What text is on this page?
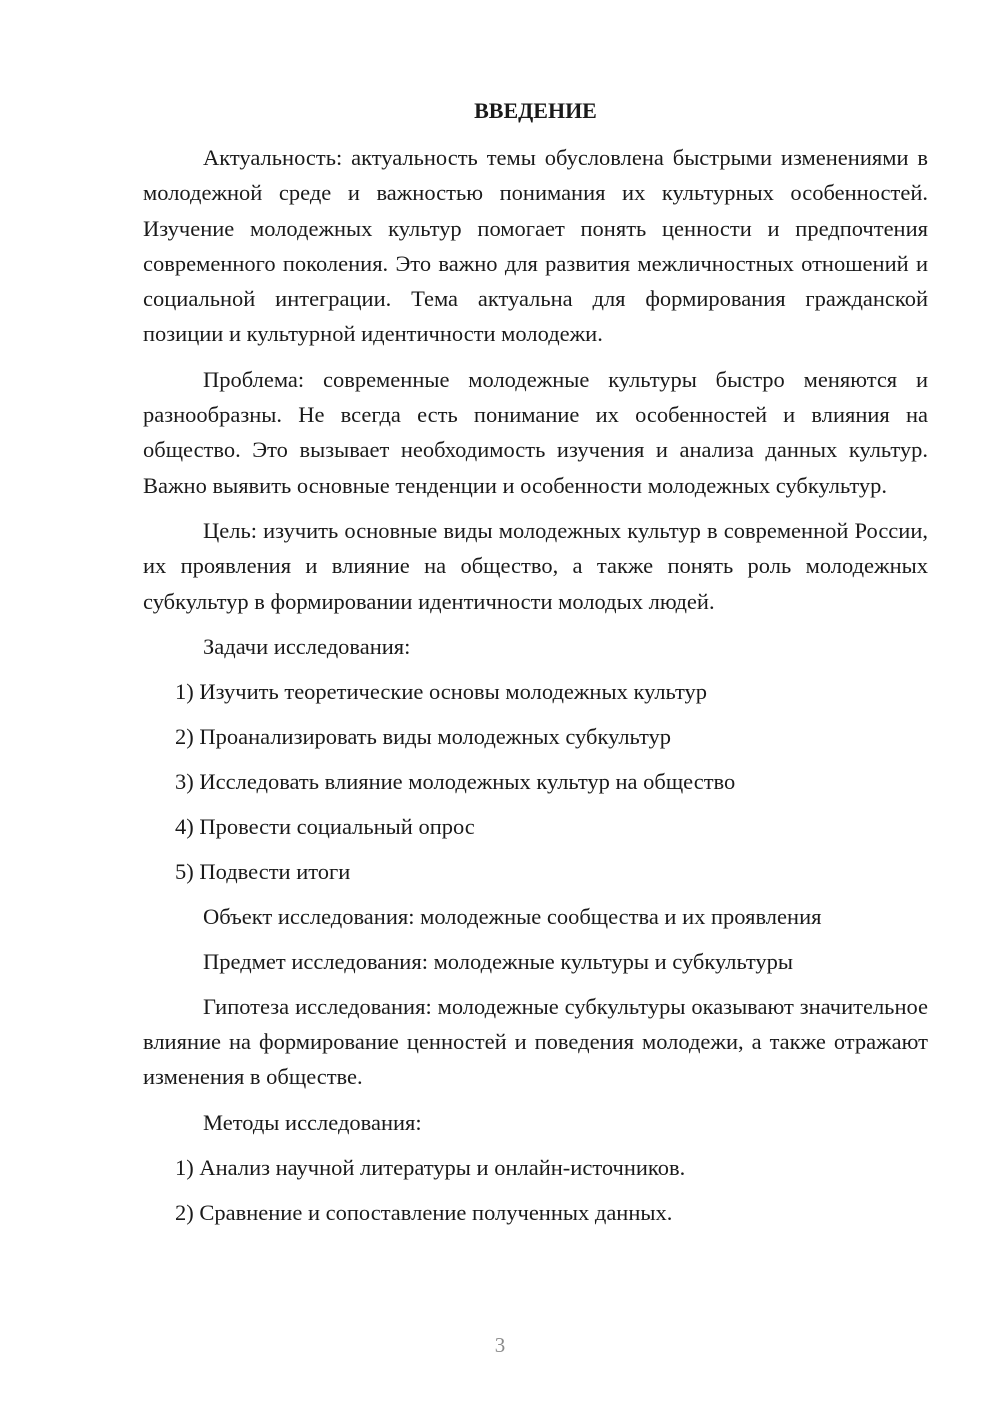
ВВЕДЕНИЕ

Актуальность: актуальность темы обусловлена быстрыми изменениями в молодежной среде и важностью понимания их культурных особенностей. Изучение молодежных культур помогает понять ценности и предпочтения современного поколения. Это важно для развития межличностных отношений и социальной интеграции. Тема актуальна для формирования гражданской позиции и культурной идентичности молодежи.

Проблема: современные молодежные культуры быстро меняются и разнообразны. Не всегда есть понимание их особенностей и влияния на общество. Это вызывает необходимость изучения и анализа данных культур. Важно выявить основные тенденции и особенности молодежных субкультур.

Цель: изучить основные виды молодежных культур в современной России, их проявления и влияние на общество, а также понять роль молодежных субкультур в формировании идентичности молодых людей.

Задачи исследования:
1) Изучить теоретические основы молодежных культур
2) Проанализировать виды молодежных субкультур
3) Исследовать влияние молодежных культур на общество
4) Провести социальный опрос
5) Подвести итоги
Объект исследования: молодежные сообщества и их проявления
Предмет исследования: молодежные культуры и субкультуры

Гипотеза исследования: молодежные субкультуры оказывают значительное влияние на формирование ценностей и поведения молодежи, а также отражают изменения в обществе.

Методы исследования:
1) Анализ научной литературы и онлайн-источников.
2) Сравнение и сопоставление полученных данных.
3
